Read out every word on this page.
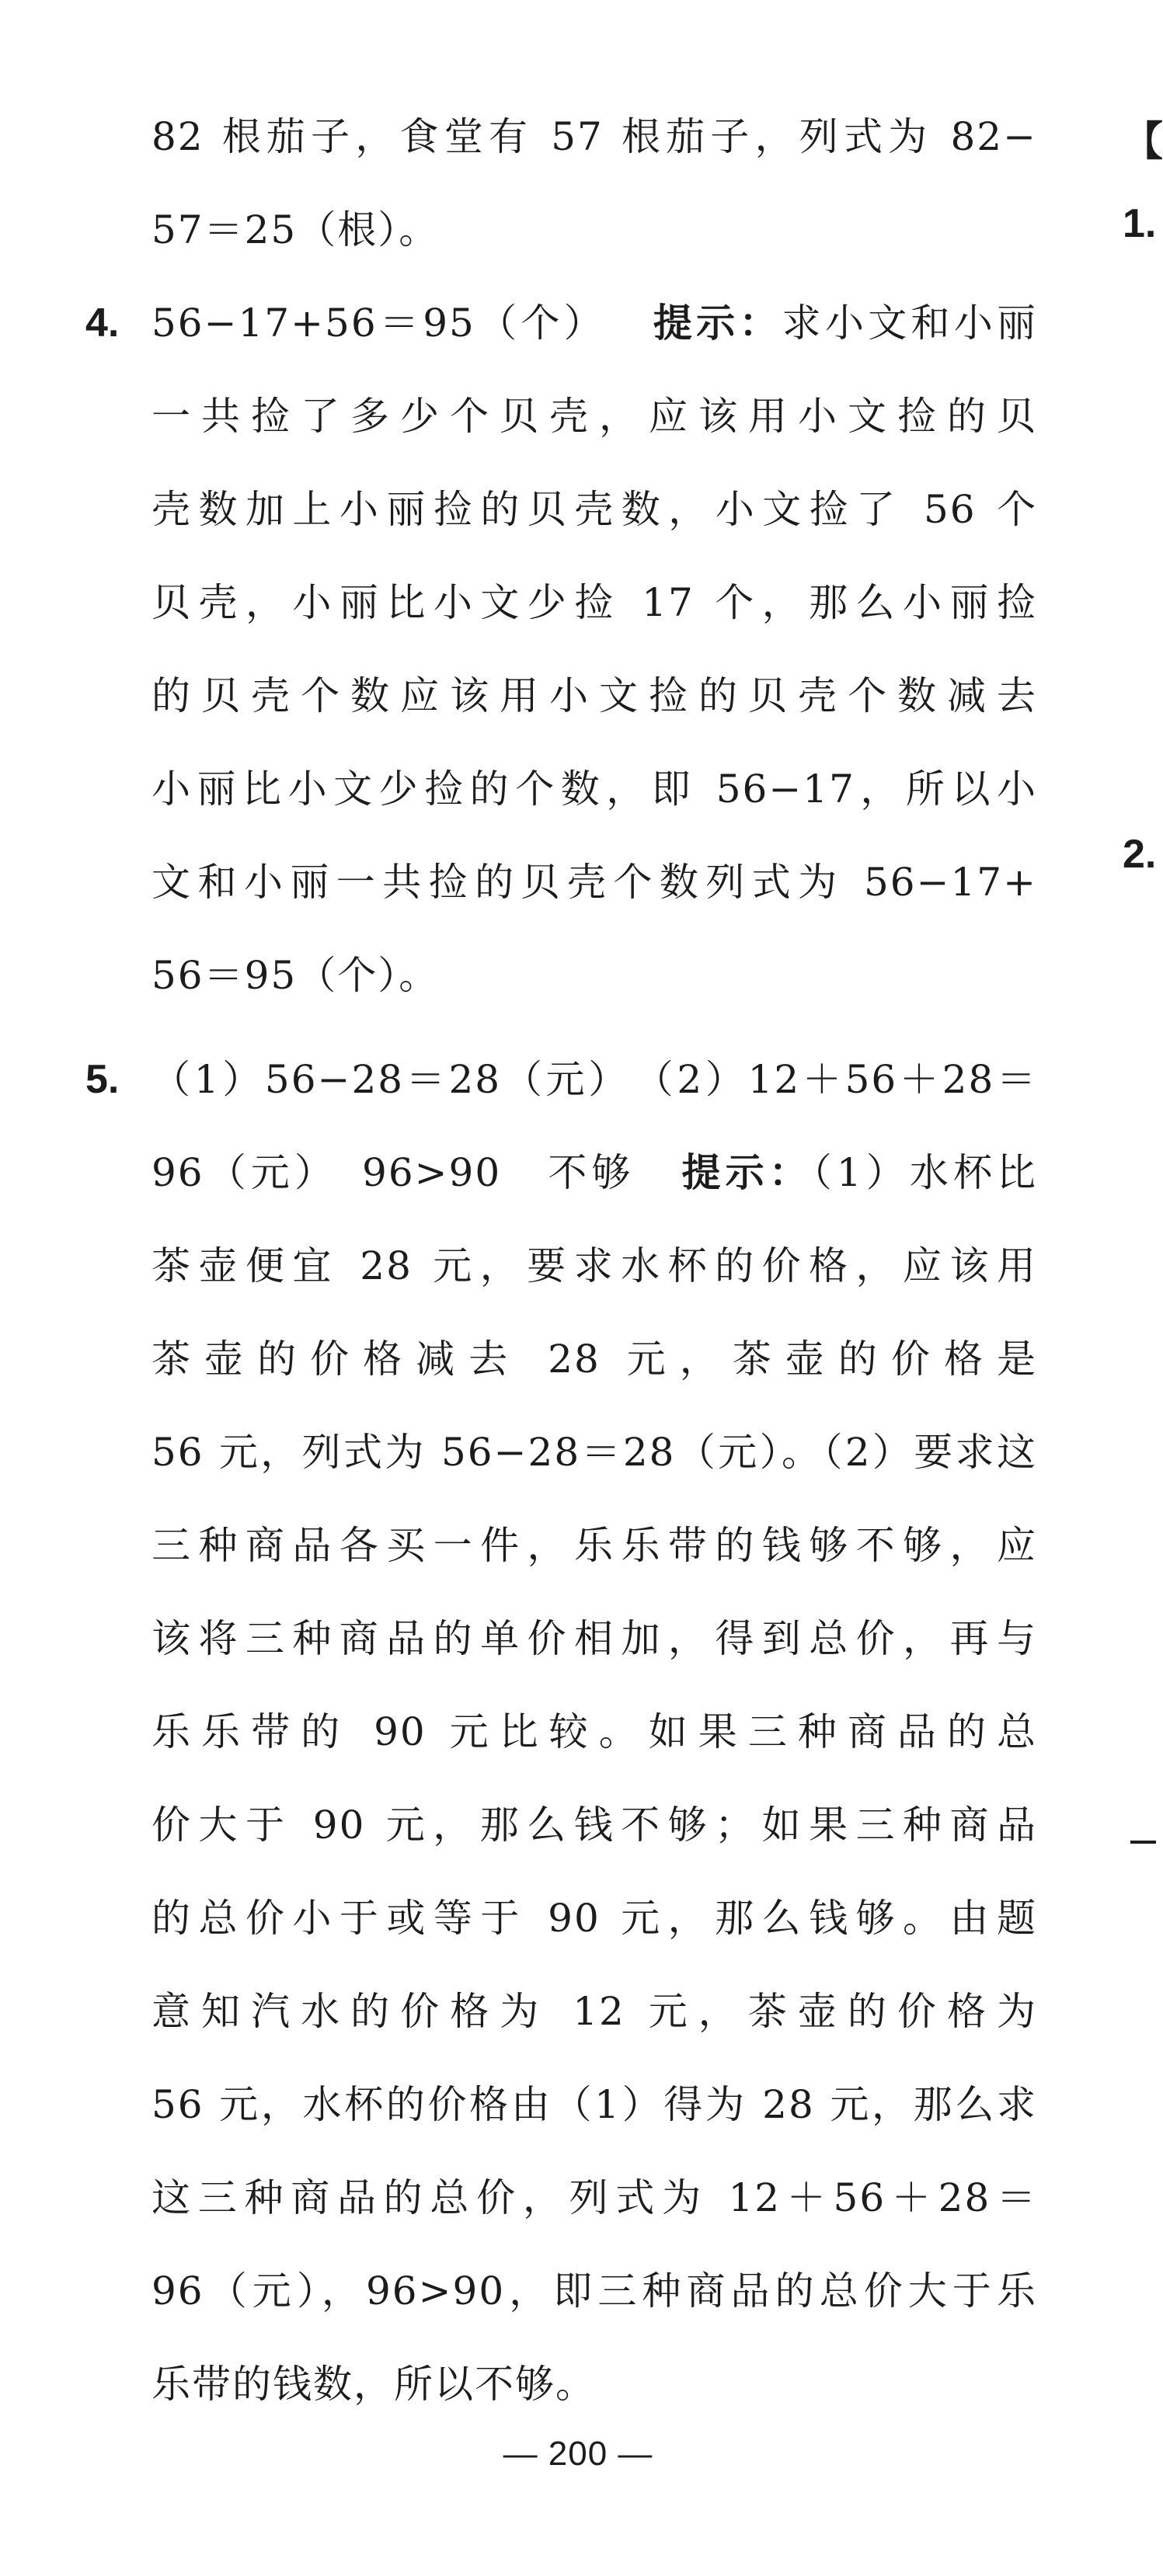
【
1.
2.
82 根茄子，食堂有 57 根茄子，列式为 82−
57＝25（根）。
4. 56−17+56＝95（个） 提示：求小文和小丽
一共捡了多少个贝壳，应该用小文捡的贝
壳数加上小丽捡的贝壳数，小文捡了 56 个
贝壳，小丽比小文少捡 17 个，那么小丽捡
的贝壳个数应该用小文捡的贝壳个数减去
小丽比小文少捡的个数，即 56−17，所以小
文和小丽一共捡的贝壳个数列式为 56−17+
56＝95（个）。
5. （1）56−28＝28（元）　（2）12＋56＋28＝
96（元）　96>90　不够 提示：（1）水杯比
茶壶便宜 28 元，要求水杯的价格，应该用
茶壶的价格减去 28 元，茶壶的价格是
56 元，列式为 56−28＝28（元）。（2）要求这
三种商品各买一件，乐乐带的钱够不够，应
该将三种商品的单价相加，得到总价，再与
乐乐带的 90 元比较。如果三种商品的总
价大于 90 元，那么钱不够；如果三种商品
的总价小于或等于 90 元，那么钱够。由题
意知汽水的价格为 12 元，茶壶的价格为
56 元，水杯的价格由（1）得为 28 元，那么求
这三种商品的总价，列式为 12＋56＋28＝
96（元），96>90，即三种商品的总价大于乐
乐带的钱数，所以不够。
— 200 —
